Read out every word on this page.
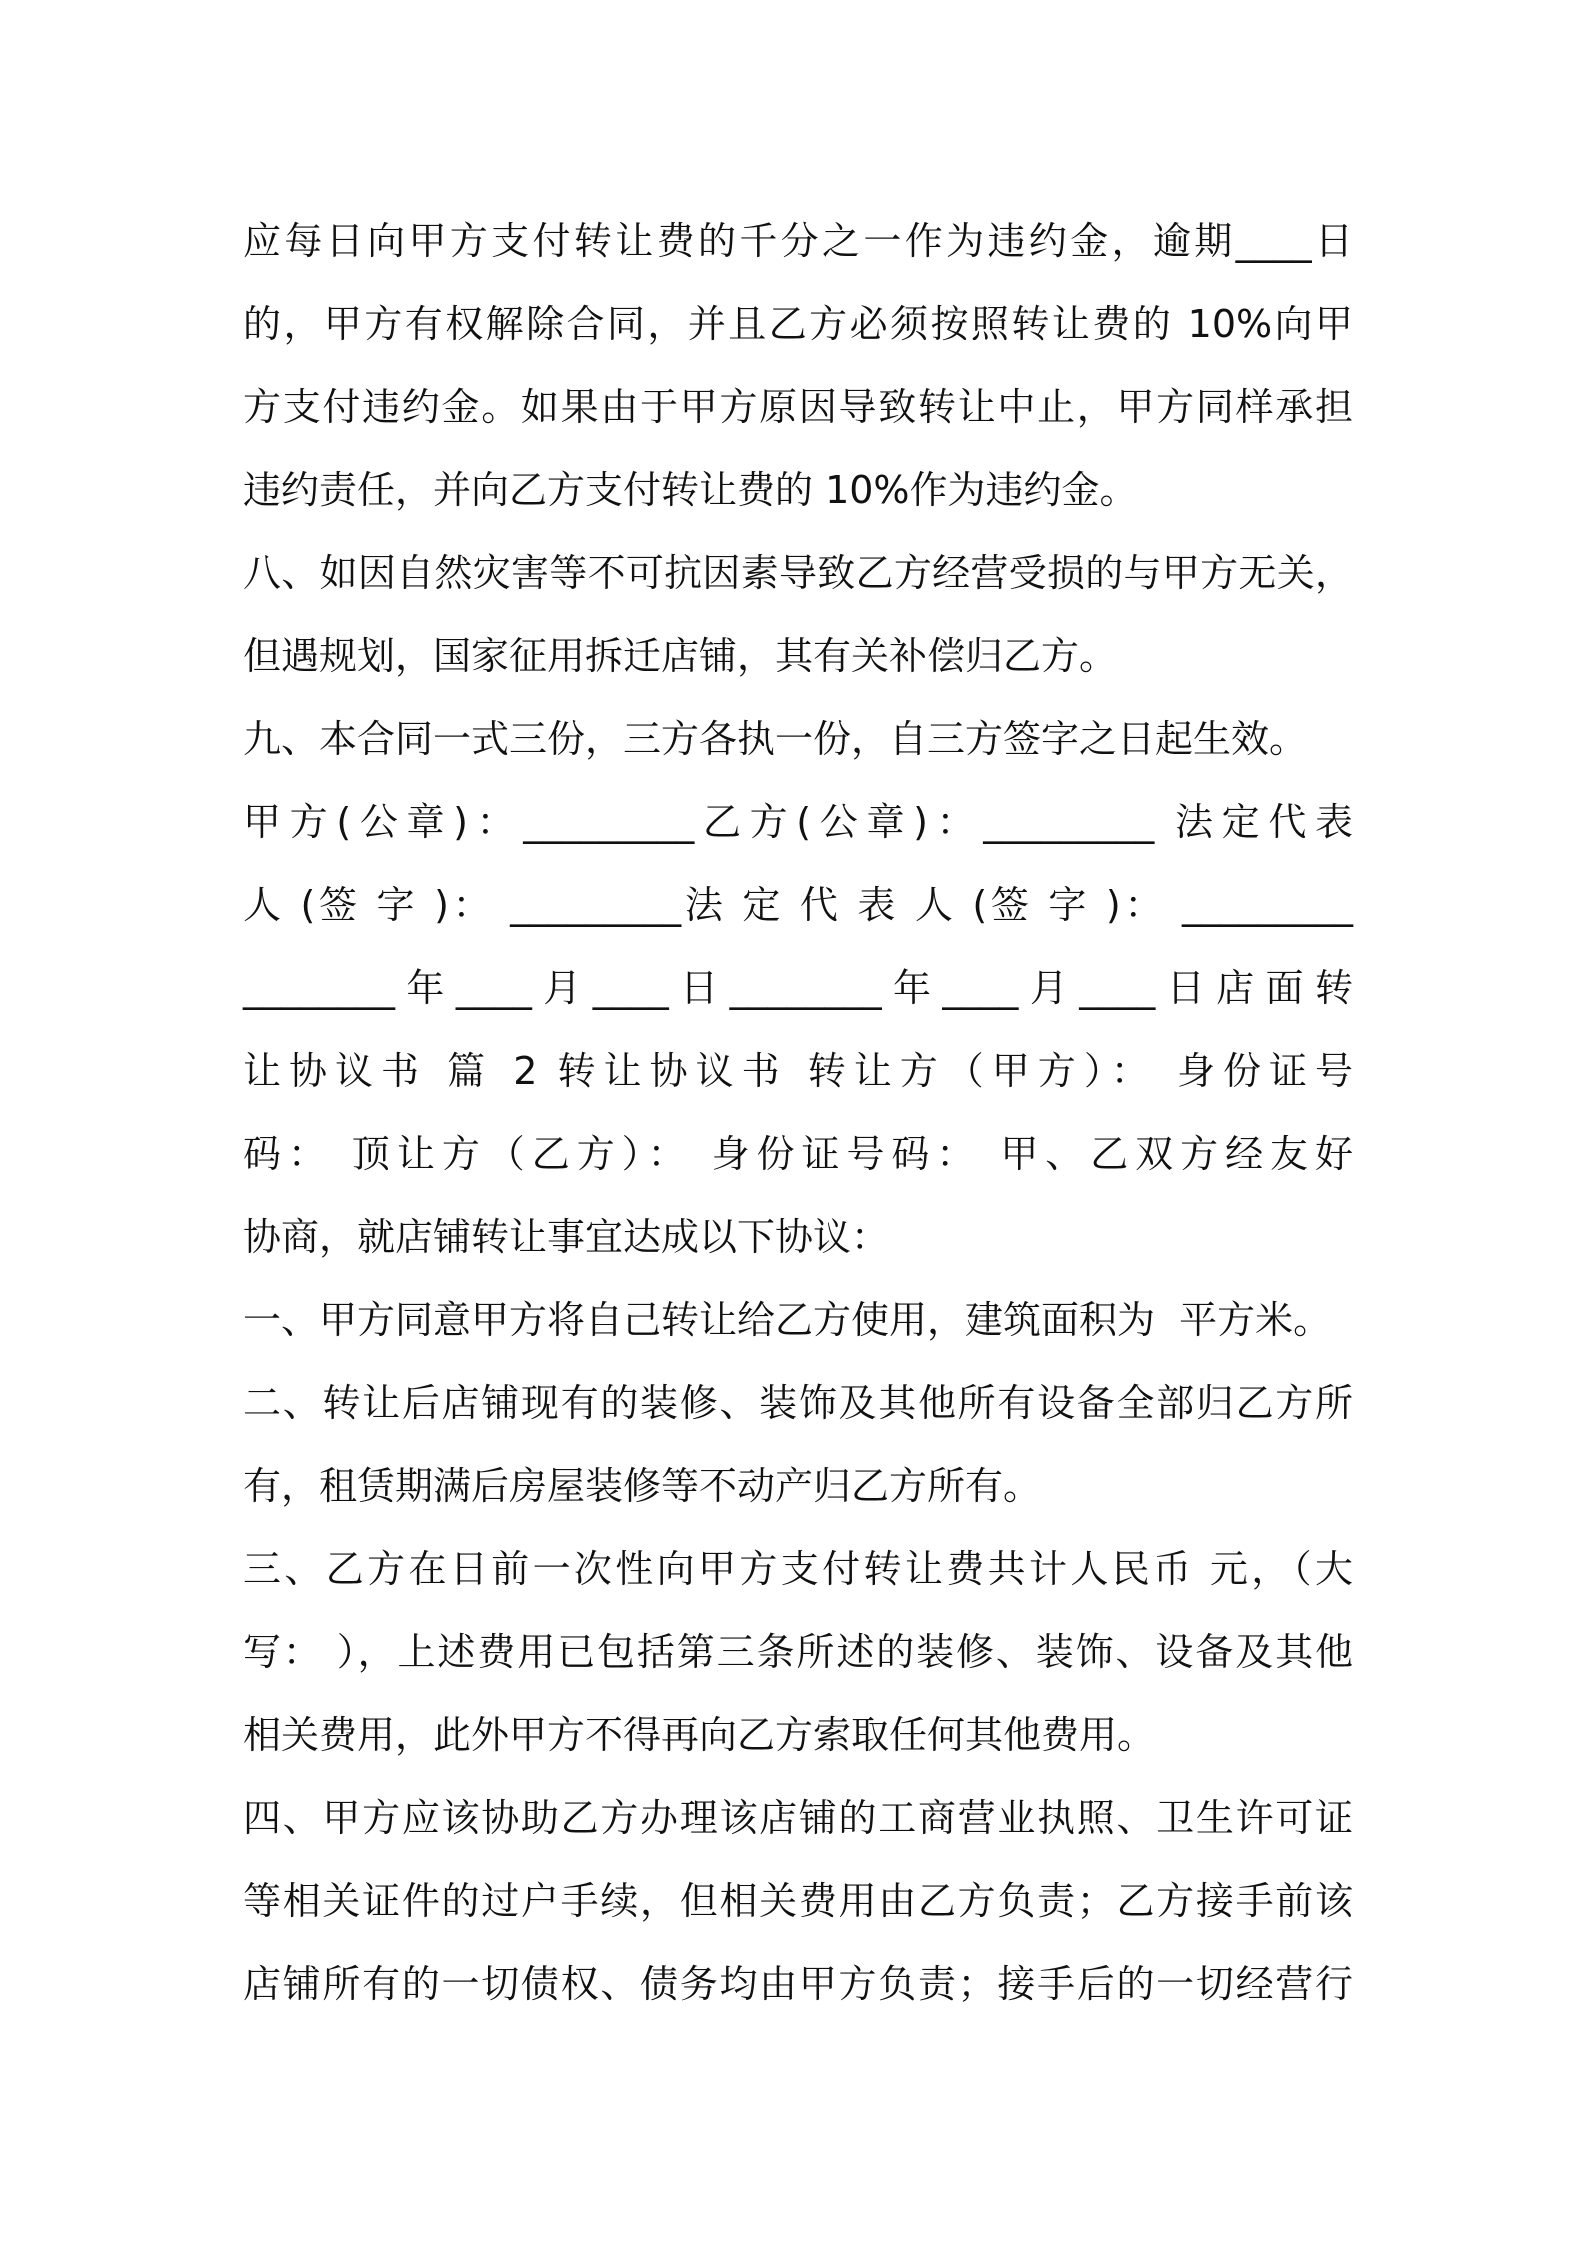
应每日向甲方支付转让费的千分之一作为违约金，逾期____日
的，甲方有权解除合同，并且乙方必须按照转让费的 10%向甲
方支付违约金。如果由于甲方原因导致转让中止，甲方同样承担
违约责任，并向乙方支付转让费的 10%作为违约金。
八、如因自然灾害等不可抗因素导致乙方经营受损的与甲方无关，
但遇规划，国家征用拆迁店铺，其有关补偿归乙方。
九、本合同一式三份，三方各执一份，自三方签字之日起生效。
甲方(公章)：_________乙方(公章)：_________ 法定代表
人 (签 字 )： _________法 定 代 表 人 (签 字 )： _________
________年____月____日________年____月____日店面转
让协议书 篇 2 转让协议书 转让方（甲方）： 身份证号
码： 顶让方（乙方）： 身份证号码： 甲、乙双方经友好
协商，就店铺转让事宜达成以下协议：
一、甲方同意甲方将自己转让给乙方使用，建筑面积为  平方米。
二、转让后店铺现有的装修、装饰及其他所有设备全部归乙方所
有，租赁期满后房屋装修等不动产归乙方所有。
三、乙方在日前一次性向甲方支付转让费共计人民币 元，（大
写： ），上述费用已包括第三条所述的装修、装饰、设备及其他
相关费用，此外甲方不得再向乙方索取任何其他费用。
四、甲方应该协助乙方办理该店铺的工商营业执照、卫生许可证
等相关证件的过户手续，但相关费用由乙方负责；乙方接手前该
店铺所有的一切债权、债务均由甲方负责；接手后的一切经营行
